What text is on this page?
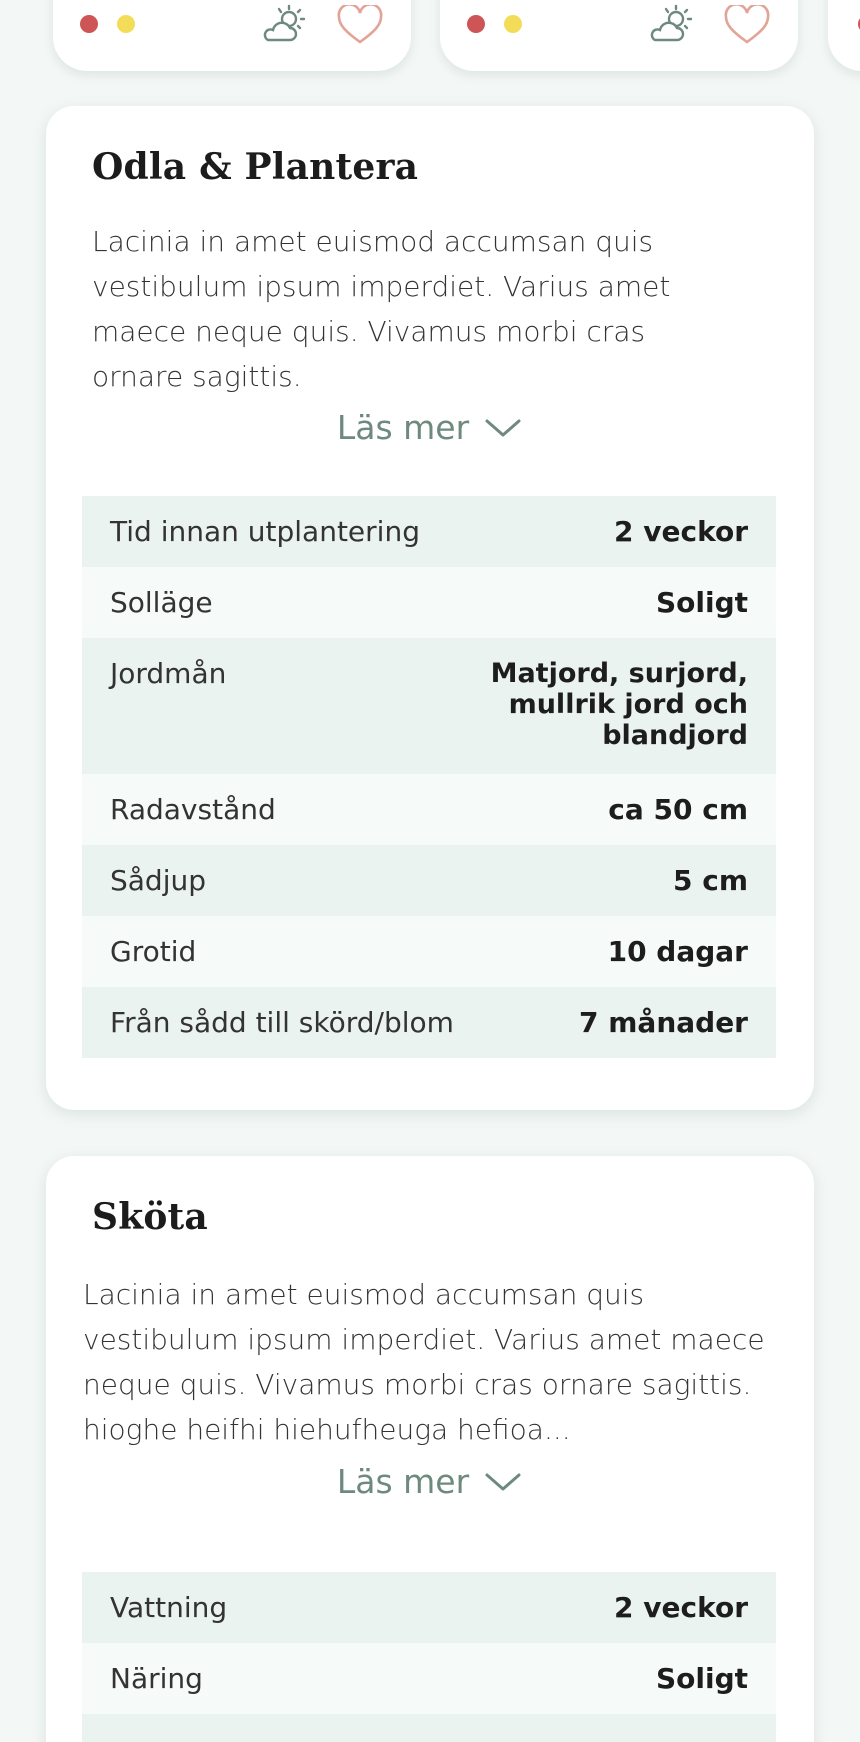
Odla & Plantera

Lacinia in amet euismod accumsan quis vestibulum ipsum imperdiet. Varius amet maece neque quis. Vivamus morbi cras ornare sagittis.

Läs mer
Tid innan utplantering	2 veckor
Solläge	Soligt
Jordmån	Matjord, surjord, mullrik jord och blandjord
Radavstånd	ca 50 cm
Sådjup	5 cm
Grotid	10 dagar
Från sådd till skörd/blom	7 månader
Sköta

Lacinia in amet euismod accumsan quis vestibulum ipsum imperdiet. Varius amet maece neque quis. Vivamus morbi cras ornare sagittis. hioghe heifhi hiehufheuga hefioa...

Läs mer
Vattning	2 veckor
Näring	Soligt
